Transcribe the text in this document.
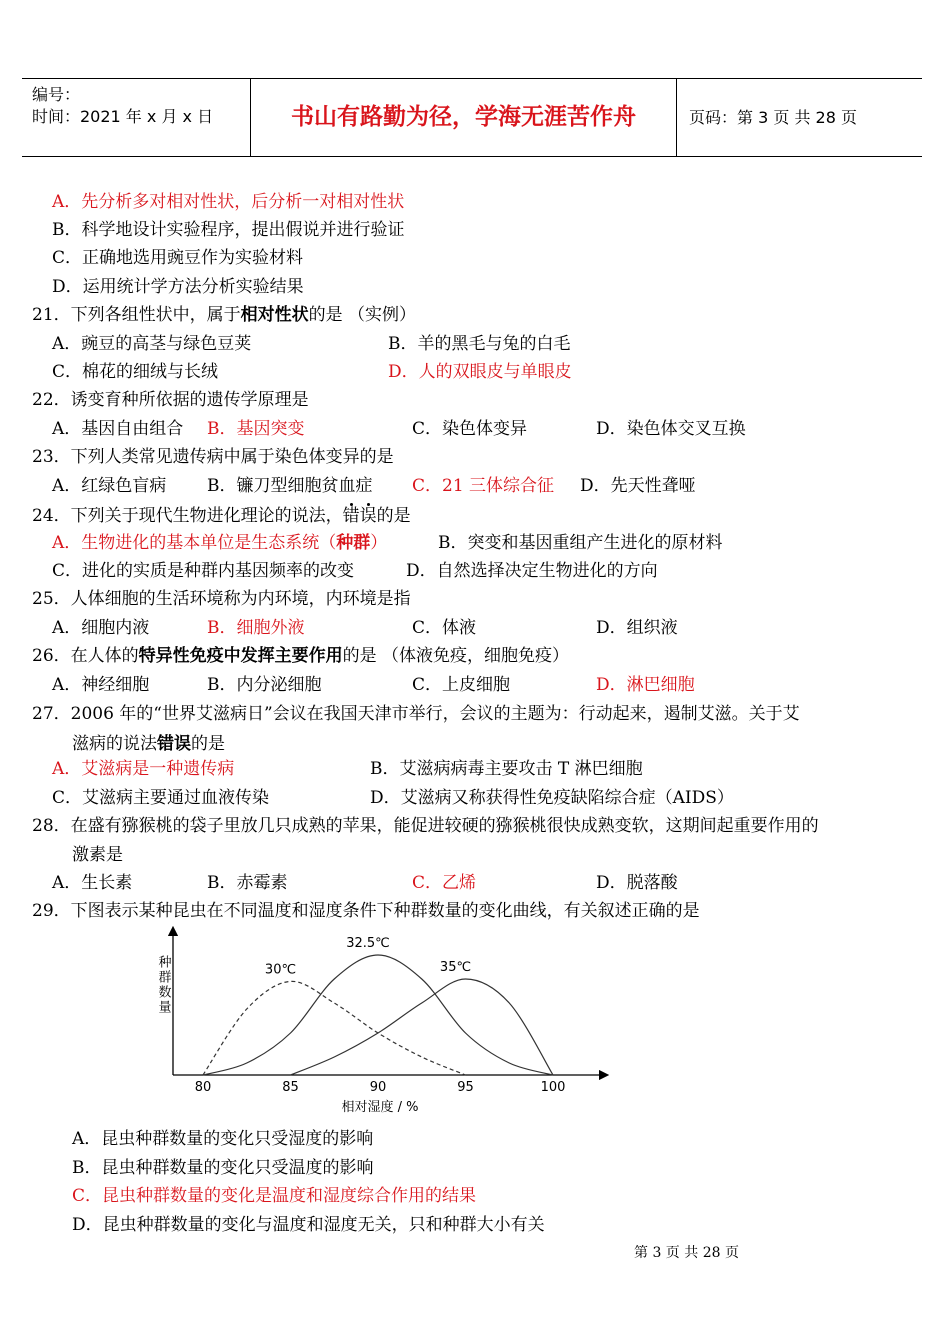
编号：
时间：2021 年 x 月 x 日	书山有路勤为径，学海无涯苦作舟	页码：第 3 页 共 28 页
A．先分析多对相对性状，后分析一对相对性状
B．科学地设计实验程序，提出假说并进行验证
C．正确地选用豌豆作为实验材料
D．运用统计学方法分析实验结果
21．下列各组性状中，属于相对性状的是 （实例）
A．豌豆的高茎与绿色豆荚	B．羊的黑毛与兔的白毛
C．棉花的细绒与长绒	D．人的双眼皮与单眼皮
22．诱变育种所依据的遗传学原理是
A．基因自由组合 B．基因突变	C．染色体变异	D．染色体交叉互换
23．下列人类常见遗传病中属于染色体变异的是
A．红绿色盲病 B．镰刀型细胞贫血症 C．21 三体综合征 D．先天性聋哑
24．下列关于现代生物进化理论的说法，错误的是
A．生物进化的基本单位是生态系统（种群）	B．突变和基因重组产生进化的原材料
C．进化的实质是种群内基因频率的改变	D．自然选择决定生物进化的方向
25．人体细胞的生活环境称为内环境，内环境是指
A．细胞内液	B．细胞外液	C．体液	D．组织液
26．在人体的特异性免疫中发挥主要作用的是 （体液免疫，细胞免疫）
A．神经细胞	B．内分泌细胞	C．上皮细胞	D．淋巴细胞
27．2006 年的“世界艾滋病日”会议在我国天津市举行，会议的主题为：行动起来，遏制艾滋。关于艾
滋病的说法错误的是
A．艾滋病是一种遗传病	B．艾滋病病毒主要攻击 T 淋巴细胞
C．艾滋病主要通过血液传染	D．艾滋病又称获得性免疫缺陷综合症（AIDS）
28．在盛有猕猴桃的袋子里放几只成熟的苹果，能促进较硬的猕猴桃很快成熟变软，这期间起重要作用的
激素是
A．生长素	B．赤霉素	C．乙烯	D．脱落酸
29．下图表示某种昆虫在不同温度和湿度条件下种群数量的变化曲线，有关叙述正确的是
种群数量
80	85	90	95	100
相对湿度 / %
30℃
32.5℃
35℃
A．昆虫种群数量的变化只受湿度的影响
B．昆虫种群数量的变化只受温度的影响
C．昆虫种群数量的变化是温度和湿度综合作用的结果
D．昆虫种群数量的变化与温度和湿度无关，只和种群大小有关
第 3 页 共 28 页
